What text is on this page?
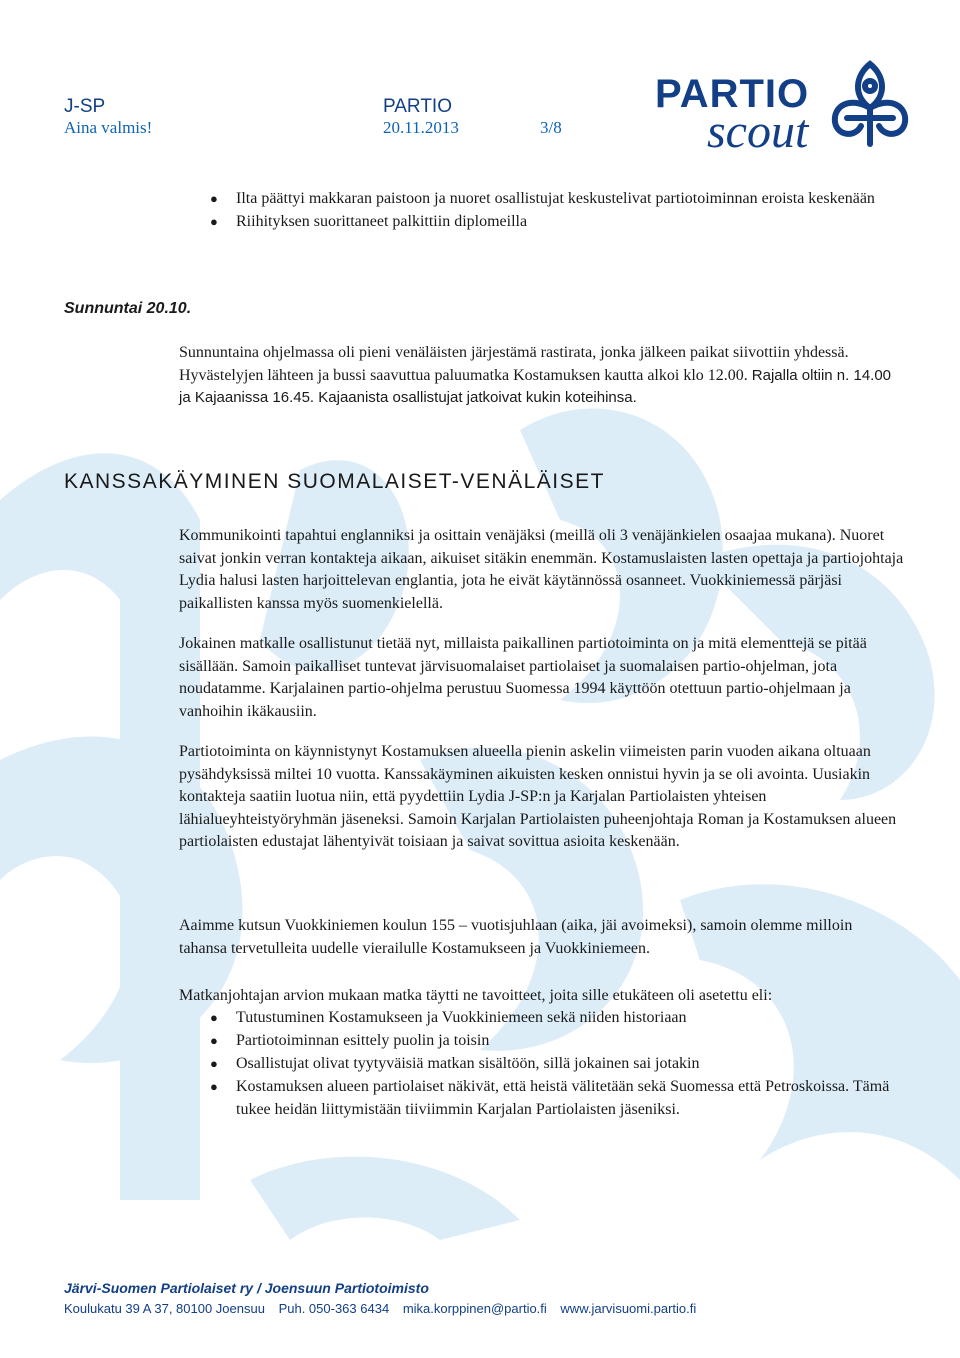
J-SP
Aina valmis!
PARTIO
20.11.2013	3/8
PARTIO
scout
● Ilta päättyi makkaran paistoon ja nuoret osallistujat keskustelivat partiotoiminnan eroista keskenään
● Riihityksen suorittaneet palkittiin diplomeilla
Sunnuntai 20.10.

Sunnuntaina ohjelmassa oli pieni venäläisten järjestämä rastirata, jonka jälkeen paikat siivottiin yhdessä. Hyvästelyjen lähteen ja bussi saavuttua paluumatka Kostamuksen kautta alkoi klo 12.00. Rajalla oltiin n. 14.00 ja Kajaanissa 16.45. Kajaanista osallistujat jatkoivat kukin koteihinsa.

KANSSAKÄYMINEN SUOMALAISET-VENÄLÄISET

Kommunikointi tapahtui englanniksi ja osittain venäjäksi (meillä oli 3 venäjänkielen osaajaa mukana). Nuoret saivat jonkin verran kontakteja aikaan, aikuiset sitäkin enemmän. Kostamuslaisten lasten opettaja ja partiojohtaja Lydia halusi lasten harjoittelevan englantia, jota he eivät käytännössä osanneet. Vuokkiniemessä pärjäsi paikallisten kanssa myös suomenkielellä.

Jokainen matkalle osallistunut tietää nyt, millaista paikallinen partiotoiminta on ja mitä elementtejä se pitää sisällään. Samoin paikalliset tuntevat järvisuomalaiset partiolaiset ja suomalaisen partio-ohjelman, jota noudatamme. Karjalainen partio-ohjelma perustuu Suomessa 1994 käyttöön otettuun partio-ohjelmaan ja vanhoihin ikäkausiin.

Partiotoiminta on käynnistynyt Kostamuksen alueella pienin askelin viimeisten parin vuoden aikana oltuaan pysähdyksissä miltei 10 vuotta. Kanssakäyminen aikuisten kesken onnistui hyvin ja se oli avointa. Uusiakin kontakteja saatiin luotua niin, että pyydettiin Lydia J-SP:n ja Karjalan Partiolaisten yhteisen lähialueyhteistyöryhmän jäseneksi. Samoin Karjalan Partiolaisten puheenjohtaja Roman ja Kostamuksen alueen partiolaisten edustajat lähentyivät toisiaan ja saivat sovittua asioita keskenään.

Aaimme kutsun Vuokkiniemen koulun 155 – vuotisjuhlaan (aika, jäi avoimeksi), samoin olemme milloin tahansa tervetulleita uudelle vierailulle Kostamukseen ja Vuokkiniemeen.

Matkanjohtajan arvion mukaan matka täytti ne tavoitteet, joita sille etukäteen oli asetettu eli:

● Tutustuminen Kostamukseen ja Vuokkiniemeen sekä niiden historiaan
● Partiotoiminnan esittely puolin ja toisin
● Osallistujat olivat tyytyväisiä matkan sisältöön, sillä jokainen sai jotakin
● Kostamuksen alueen partiolaiset näkivät, että heistä välitetään sekä Suomessa että Petroskoissa. Tämä tukee heidän liittymistään tiiviimmin Karjalan Partiolaisten jäseniksi.
Järvi-Suomen Partiolaiset ry / Joensuun Partiotoimisto
Koulukatu 39 A 37, 80100 Joensuu Puh. 050-363 6434 mika.korppinen@partio.fi www.jarvisuomi.partio.fi
